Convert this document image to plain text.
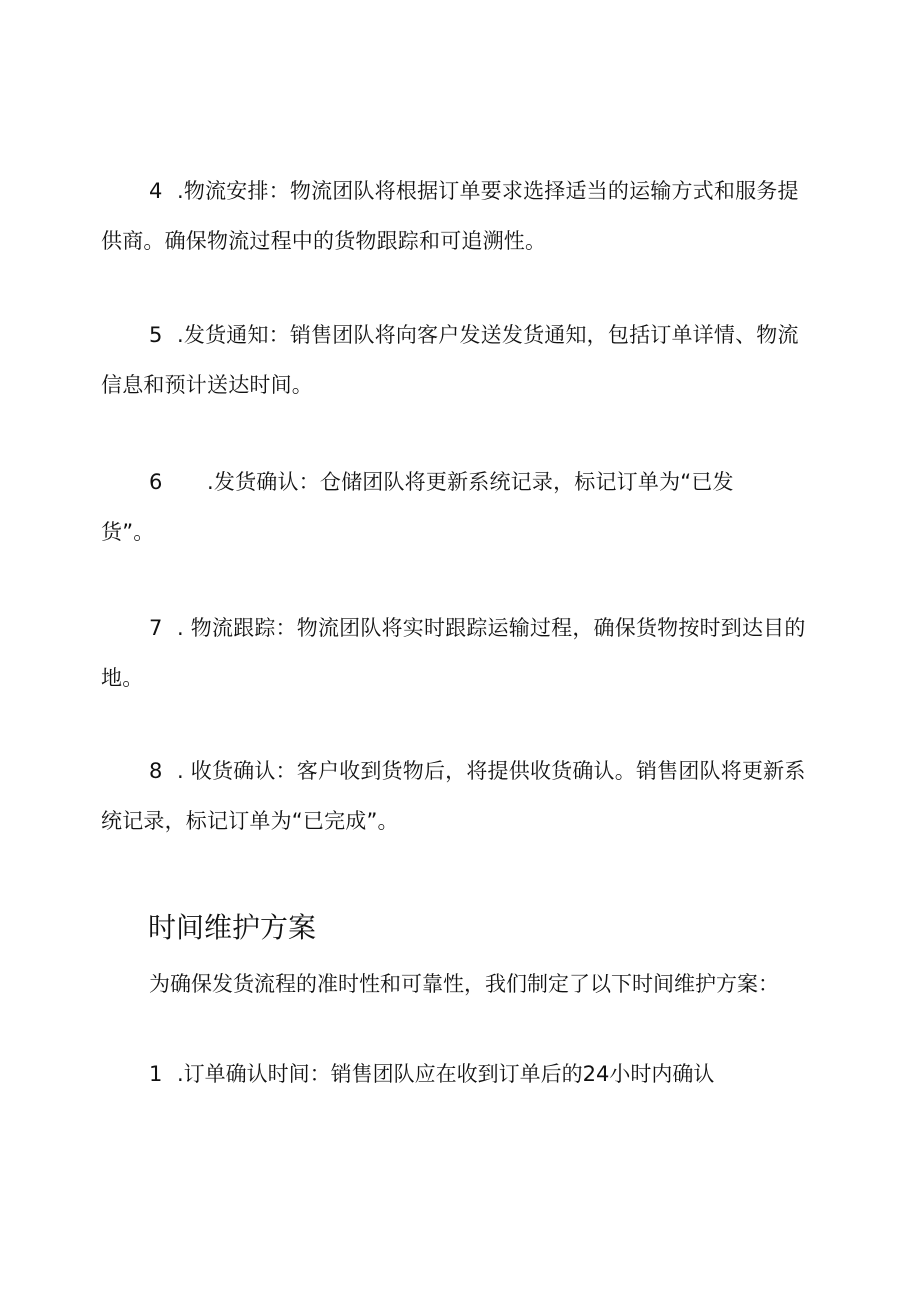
4 .物流安排：物流团队将根据订单要求选择适当的运输方式和服务提
供商。确保物流过程中的货物跟踪和可追溯性。
5 .发货通知：销售团队将向客户发送发货通知，包括订单详情、物流
信息和预计送达时间。
6 .发货确认：仓储团队将更新系统记录，标记订单为“已发
货”。
7 . 物流跟踪：物流团队将实时跟踪运输过程，确保货物按时到达目的
地。
8 . 收货确认：客户收到货物后，将提供收货确认。销售团队将更新系
统记录，标记订单为“已完成”。
时间维护方案
为确保发货流程的准时性和可靠性，我们制定了以下时间维护方案：
1 .订单确认时间：销售团队应在收到订单后的24小时内确认
